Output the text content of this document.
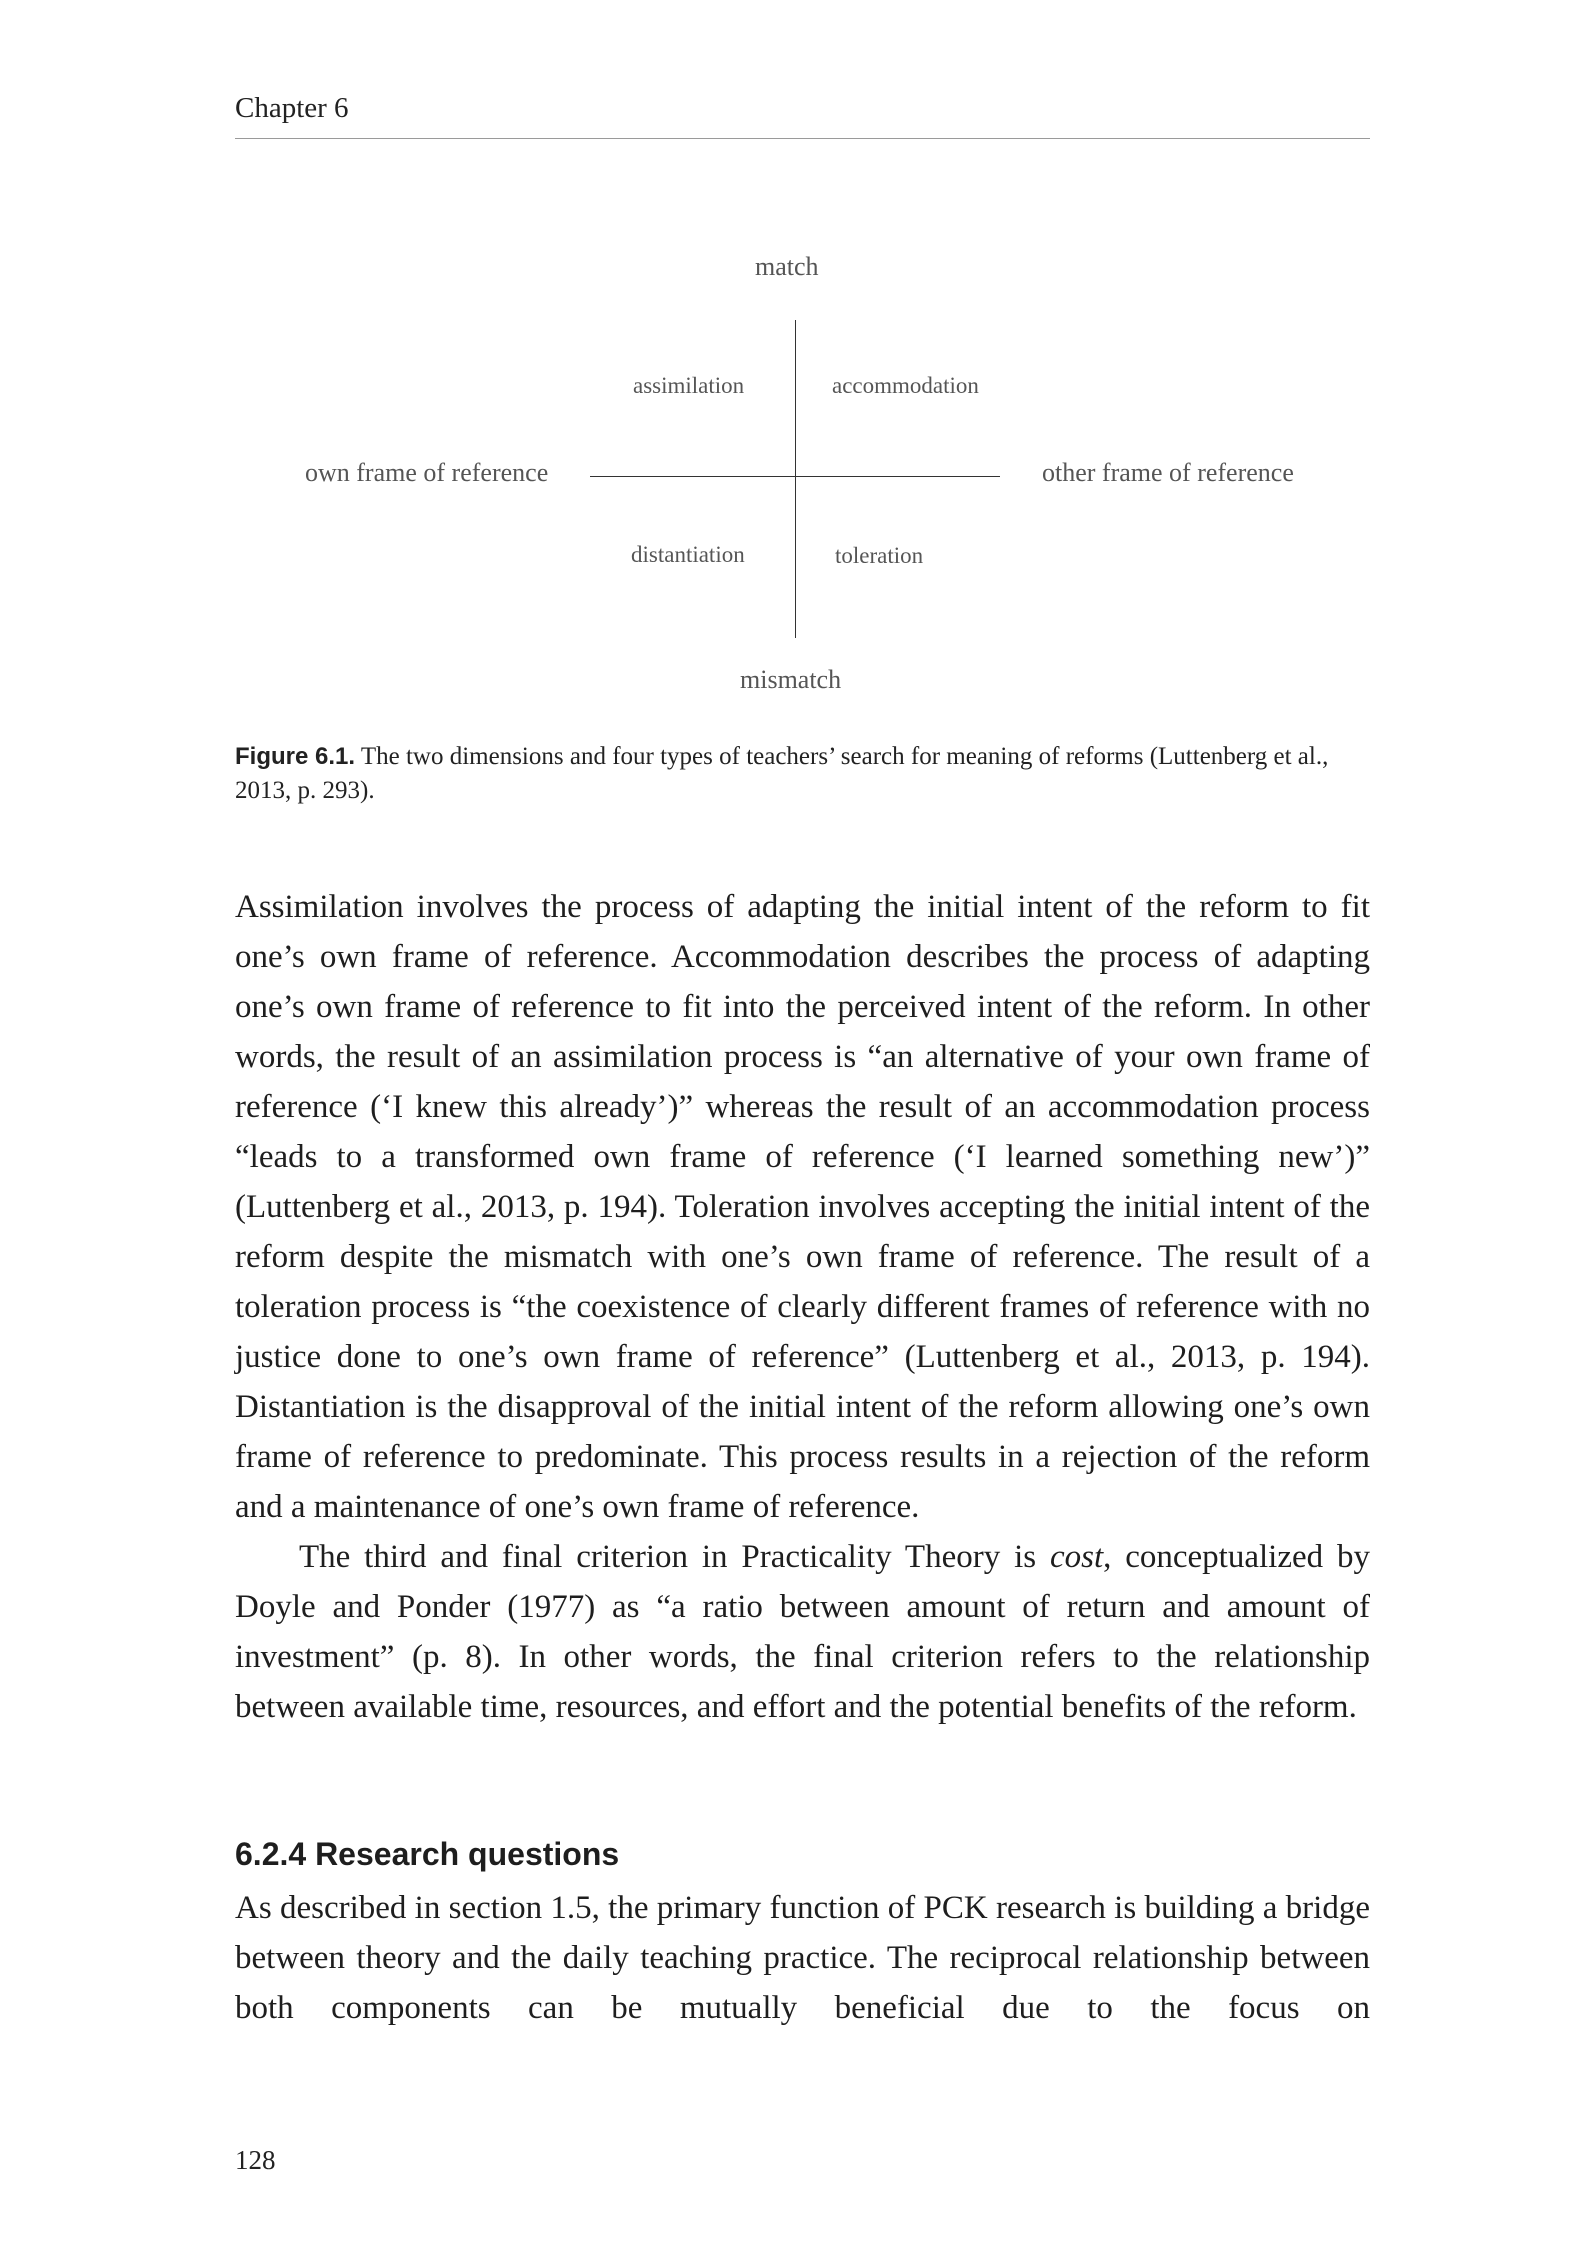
Chapter 6
match
mismatch
own frame of reference	other frame of reference
assimilation	accommodation
distantiation	toleration
Figure 6.1. The two dimensions and four types of teachers’ search for meaning of reforms (Luttenberg et al., 2013, p. 293).

Assimilation involves the process of adapting the initial intent of the reform to fit one’s own frame of reference. Accommodation describes the process of adapting one’s own frame of reference to fit into the perceived intent of the reform. In other words, the result of an assimilation process is “an alternative of your own frame of reference (‘I knew this already’)” whereas the result of an accommodation process “leads to a transformed own frame of reference (‘I learned something new’)” (Luttenberg et al., 2013, p. 194). Toleration involves accepting the initial intent of the reform despite the mismatch with one’s own frame of reference. The result of a toleration process is “the coexistence of clearly different frames of reference with no justice done to one’s own frame of reference” (Luttenberg et al., 2013, p. 194). Distantiation is the disapproval of the initial intent of the reform allowing one’s own frame of reference to predominate. This process results in a rejection of the reform and a maintenance of one’s own frame of reference.

The third and final criterion in Practicality Theory is cost, conceptualized by Doyle and Ponder (1977) as “a ratio between amount of return and amount of investment” (p. 8). In other words, the final criterion refers to the relationship between available time, resources, and effort and the potential benefits of the reform.

6.2.4 Research questions

As described in section 1.5, the primary function of PCK research is building a bridge between theory and the daily teaching practice. The reciprocal relationship between both components can be mutually beneficial due to the focus on

128
